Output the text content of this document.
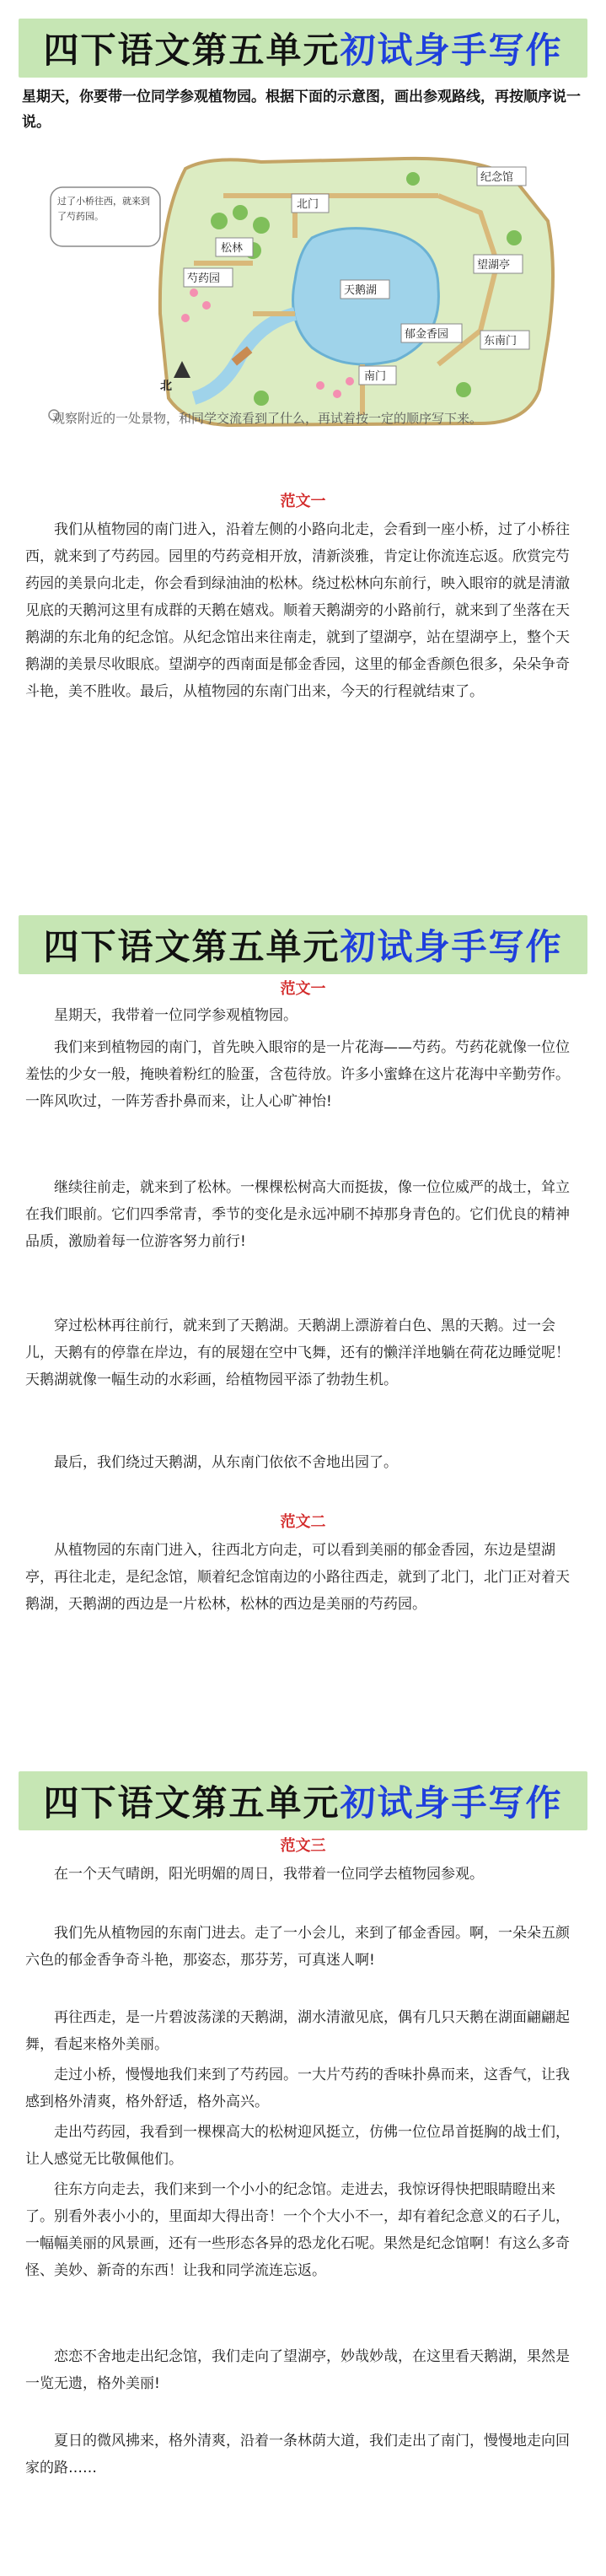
四下语文第五单元 初试身手写作
星期天，你要带一位同学参观植物园。根据下面的示意图，画出参观路线，再按顺序说一说。
过了小桥往西，就来到了芍药园。
松林
北门
纪念馆
芍药园
望湖亭
天鹅湖
郁金香园
南门
东南门
北
观察附近的一处景物，和同学交流看到了什么，再试着按一定的顺序写下来。
范文一

我们从植物园的南门进入，沿着左侧的小路向北走，会看到一座小桥，过了小桥往西，就来到了芍药园。园里的芍药竞相开放，清新淡雅，肯定让你流连忘返。欣赏完芍药园的美景向北走，你会看到绿油油的松林。绕过松林向东前行，映入眼帘的就是清澈见底的天鹅河这里有成群的天鹅在嬉戏。顺着天鹅湖旁的小路前行，就来到了坐落在天鹅湖的东北角的纪念馆。从纪念馆出来往南走，就到了望湖亭，站在望湖亭上，整个天鹅湖的美景尽收眼底。望湖亭的西南面是郁金香园，这里的郁金香颜色很多，朵朵争奇斗艳，美不胜收。最后，从植物园的东南门出来，今天的行程就结束了。

四下语文第五单元 初试身手写作
范文一

星期天，我带着一位同学参观植物园。

我们来到植物园的南门，首先映入眼帘的是一片花海——芍药。芍药花就像一位位羞怯的少女一般，掩映着粉红的脸蛋，含苞待放。许多小蜜蜂在这片花海中辛勤劳作。一阵风吹过，一阵芳香扑鼻而来，让人心旷神怡!

继续往前走，就来到了松林。一棵棵松树高大而挺拔，像一位位威严的战士，耸立在我们眼前。它们四季常青，季节的变化是永远冲刷不掉那身青色的。它们优良的精神品质，激励着每一位游客努力前行!

穿过松林再往前行，就来到了天鹅湖。天鹅湖上漂游着白色、黑的天鹅。过一会儿，天鹅有的停靠在岸边，有的展翅在空中飞舞，还有的懒洋洋地躺在荷花边睡觉呢！天鹅湖就像一幅生动的水彩画，给植物园平添了勃勃生机。

最后，我们绕过天鹅湖，从东南门依依不舍地出园了。

范文二

从植物园的东南门进入，往西北方向走，可以看到美丽的郁金香园，东边是望湖亭，再往北走，是纪念馆，顺着纪念馆南边的小路往西走，就到了北门，北门正对着天鹅湖，天鹅湖的西边是一片松林，松林的西边是美丽的芍药园。

四下语文第五单元 初试身手写作
范文三

在一个天气晴朗，阳光明媚的周日，我带着一位同学去植物园参观。

我们先从植物园的东南门进去。走了一小会儿，来到了郁金香园。啊，一朵朵五颜六色的郁金香争奇斗艳，那姿态，那芬芳，可真迷人啊!

再往西走，是一片碧波荡漾的天鹅湖，湖水清澈见底，偶有几只天鹅在湖面翩翩起舞，看起来格外美丽。

走过小桥，慢慢地我们来到了芍药园。一大片芍药的香味扑鼻而来，这香气，让我感到格外清爽，格外舒适，格外高兴。

走出芍药园，我看到一棵棵高大的松树迎风挺立，仿佛一位位昂首挺胸的战士们，让人感觉无比敬佩他们。

往东方向走去，我们来到一个小小的纪念馆。走进去，我惊讶得快把眼睛瞪出来了。别看外表小小的，里面却大得出奇！一个个大小不一，却有着纪念意义的石子儿，一幅幅美丽的风景画，还有一些形态各异的恐龙化石呢。果然是纪念馆啊！有这么多奇怪、美妙、新奇的东西！让我和同学流连忘返。

恋恋不舍地走出纪念馆，我们走向了望湖亭，妙哉妙哉，在这里看天鹅湖，果然是一览无遗，格外美丽!

夏日的微风拂来，格外清爽，沿着一条林荫大道，我们走出了南门，慢慢地走向回家的路……
